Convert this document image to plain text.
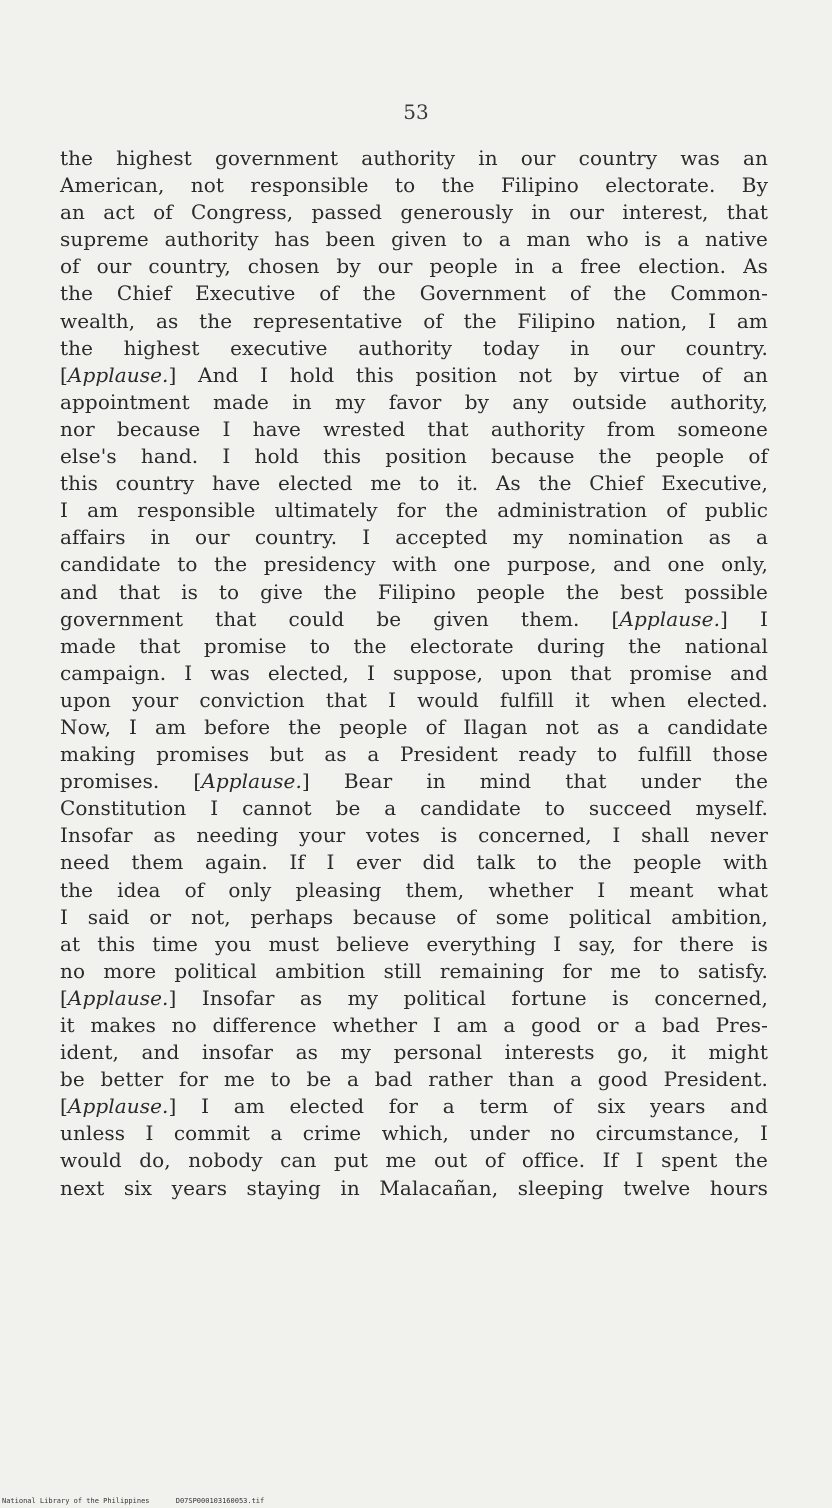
53
the highest government authority in our country was an
American, not responsible to the Filipino electorate. By
an act of Congress, passed generously in our interest, that
supreme authority has been given to a man who is a native
of our country, chosen by our people in a free election. As
the Chief Executive of the Government of the Common-
wealth, as the representative of the Filipino nation, I am
the highest executive authority today in our country.
[Applause.] And I hold this position not by virtue of an
appointment made in my favor by any outside authority,
nor because I have wrested that authority from someone
else's hand. I hold this position because the people of
this country have elected me to it. As the Chief Executive,
I am responsible ultimately for the administration of public
affairs in our country. I accepted my nomination as a
candidate to the presidency with one purpose, and one only,
and that is to give the Filipino people the best possible
government that could be given them. [Applause.] I
made that promise to the electorate during the national
campaign. I was elected, I suppose, upon that promise and
upon your conviction that I would fulfill it when elected.
Now, I am before the people of Ilagan not as a candidate
making promises but as a President ready to fulfill those
promises. [Applause.] Bear in mind that under the
Constitution I cannot be a candidate to succeed myself.
Insofar as needing your votes is concerned, I shall never
need them again. If I ever did talk to the people with
the idea of only pleasing them, whether I meant what
I said or not, perhaps because of some political ambition,
at this time you must believe everything I say, for there is
no more political ambition still remaining for me to satisfy.
[Applause.] Insofar as my political fortune is concerned,
it makes no difference whether I am a good or a bad Pres-
ident, and insofar as my personal interests go, it might
be better for me to be a bad rather than a good President.
[Applause.] I am elected for a term of six years and
unless I commit a crime which, under no circumstance, I
would do, nobody can put me out of office. If I spent the
next six years staying in Malacañan, sleeping twelve hours
National Library of the Philippines	D07SP000103160053.tif
